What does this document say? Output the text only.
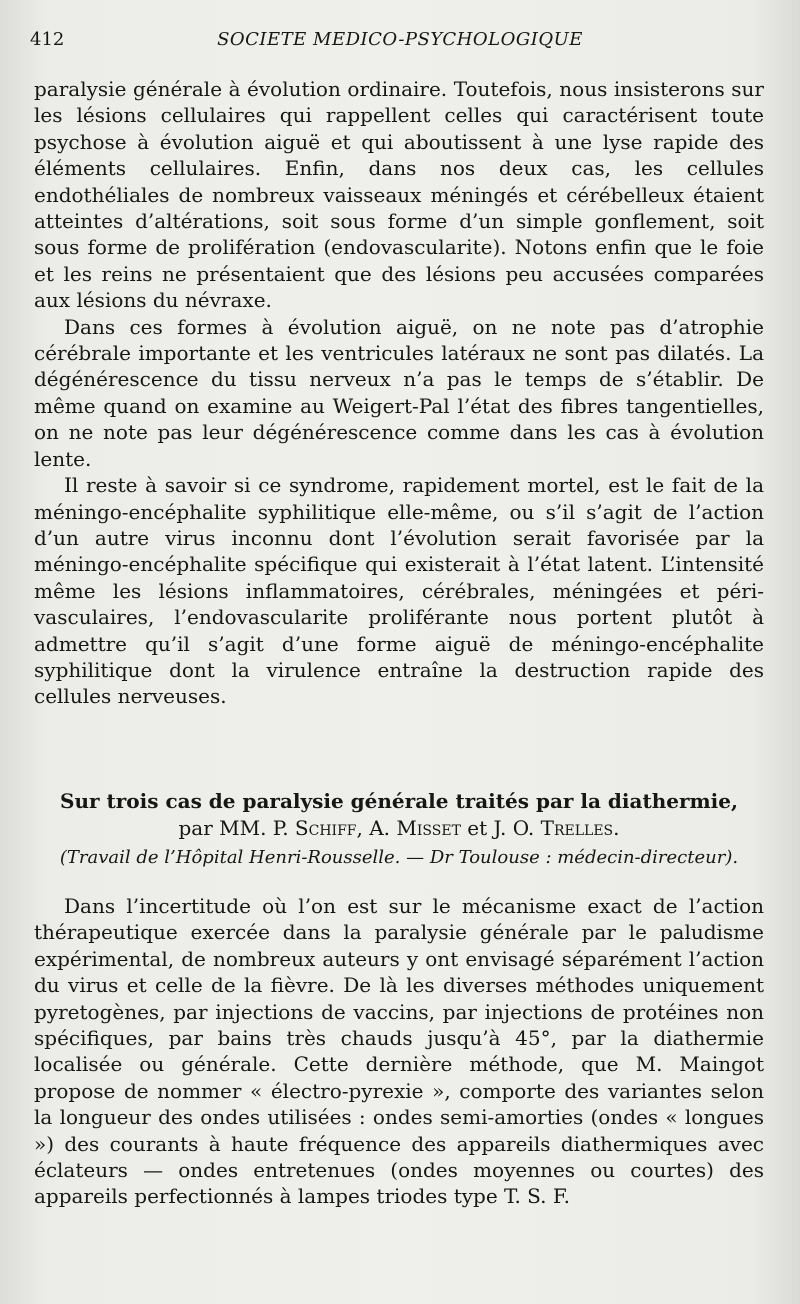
412	SOCIETE MEDICO-PSYCHOLOGIQUE

paralysie générale à évolution ordinaire. Toutefois, nous insisterons sur les lésions cellulaires qui rappellent celles qui caractérisent toute psychose à évolution aiguë et qui aboutissent à une lyse rapide des éléments cellulaires. Enfin, dans nos deux cas, les cellules endothéliales de nombreux vaisseaux méningés et cérébelleux étaient atteintes d’altérations, soit sous forme d’un simple gonflement, soit sous forme de prolifération (endovascularite). Notons enfin que le foie et les reins ne présentaient que des lésions peu accusées comparées aux lésions du névraxe.

Dans ces formes à évolution aiguë, on ne note pas d’atrophie cérébrale importante et les ventricules latéraux ne sont pas dilatés. La dégénérescence du tissu nerveux n’a pas le temps de s’établir. De même quand on examine au Weigert-Pal l’état des fibres tangentielles, on ne note pas leur dégénérescence comme dans les cas à évolution lente.

Il reste à savoir si ce syndrome, rapidement mortel, est le fait de la méningo-encéphalite syphilitique elle-même, ou s’il s’agit de l’action d’un autre virus inconnu dont l’évolution serait favorisée par la méningo-encéphalite spécifique qui existerait à l’état latent. L’intensité même les lésions inflammatoires, cérébrales, méningées et péri-vasculaires, l’endovascularite proliférante nous portent plutôt à admettre qu’il s’agit d’une forme aiguë de méningo-encéphalite syphilitique dont la virulence entraîne la destruction rapide des cellules nerveuses.

Sur trois cas de paralysie générale traités par la diathermie,
par MM. P. Schiff, A. Misset et J. O. Trelles.
(Travail de l’Hôpital Henri-Rousselle. — Dr Toulouse : médecin-directeur).

Dans l’incertitude où l’on est sur le mécanisme exact de l’action thérapeutique exercée dans la paralysie générale par le paludisme expérimental, de nombreux auteurs y ont envisagé séparément l’action du virus et celle de la fièvre. De là les diverses méthodes uniquement pyretogènes, par injections de vaccins, par injections de protéines non spécifiques, par bains très chauds jusqu’à 45°, par la diathermie localisée ou générale. Cette dernière méthode, que M. Maingot propose de nommer « électro-pyrexie », comporte des variantes selon la longueur des ondes utilisées : ondes semi-amorties (ondes « longues ») des courants à haute fréquence des appareils diathermiques avec éclateurs — ondes entretenues (ondes moyennes ou courtes) des appareils perfectionnés à lampes triodes type T. S. F.
